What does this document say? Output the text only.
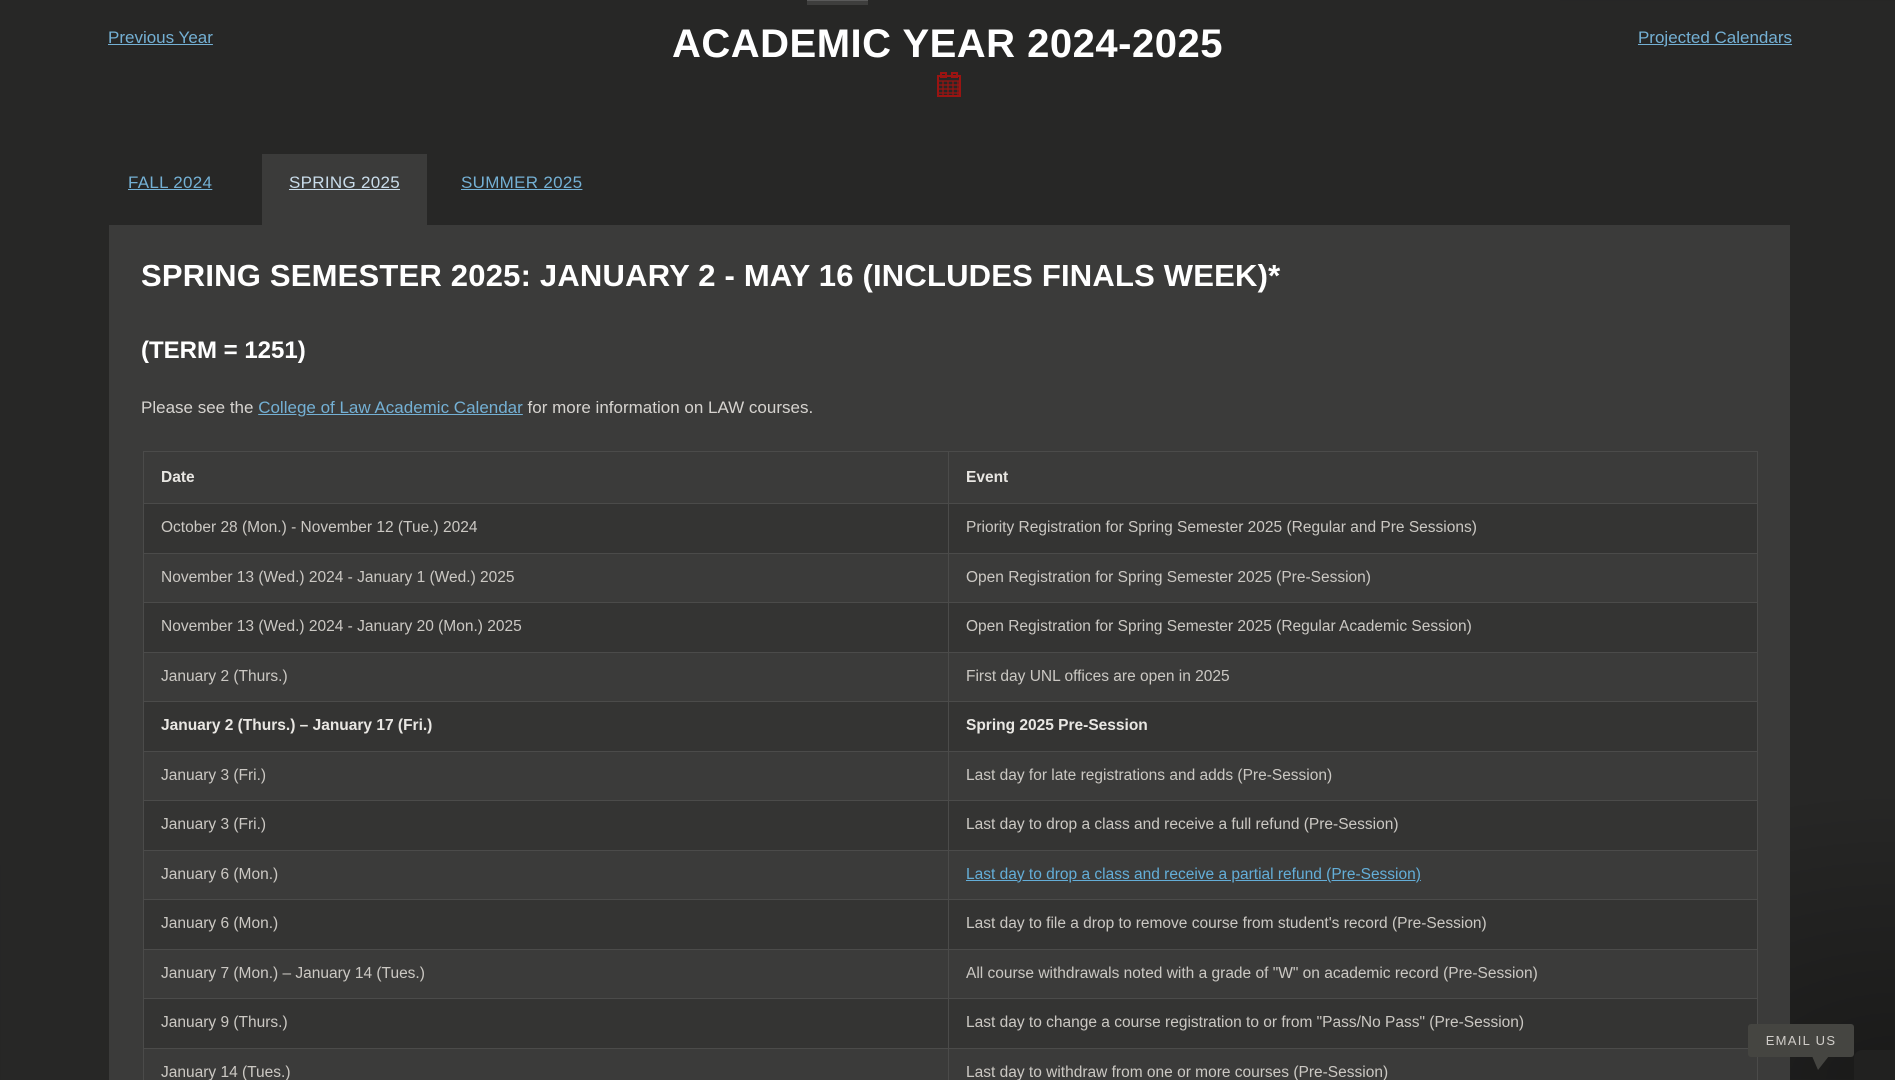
Previous Year	ACADEMIC YEAR 2024-2025	Projected Calendars
FALL 2024	SPRING 2025	SUMMER 2025
SPRING SEMESTER 2025: JANUARY 2 - MAY 16 (INCLUDES FINALS WEEK)*
(TERM = 1251)

Please see the College of Law Academic Calendar for more information on LAW courses.

Date	Event
October 28 (Mon.) - November 12 (Tue.) 2024	Priority Registration for Spring Semester 2025 (Regular and Pre Sessions)
November 13 (Wed.) 2024 - January 1 (Wed.) 2025	Open Registration for Spring Semester 2025 (Pre-Session)
November 13 (Wed.) 2024 - January 20 (Mon.) 2025	Open Registration for Spring Semester 2025 (Regular Academic Session)
January 2 (Thurs.)	First day UNL offices are open in 2025
January 2 (Thurs.) – January 17 (Fri.)	Spring 2025 Pre-Session
January 3 (Fri.)	Last day for late registrations and adds (Pre-Session)
January 3 (Fri.)	Last day to drop a class and receive a full refund (Pre-Session)
January 6 (Mon.)	Last day to drop a class and receive a partial refund (Pre-Session)
January 6 (Mon.)	Last day to file a drop to remove course from student's record (Pre-Session)
January 7 (Mon.) – January 14 (Tues.)	All course withdrawals noted with a grade of "W" on academic record (Pre-Session)
January 9 (Thurs.)	Last day to change a course registration to or from "Pass/No Pass" (Pre-Session)
January 14 (Tues.)	Last day to withdraw from one or more courses (Pre-Session)
EMAIL US
